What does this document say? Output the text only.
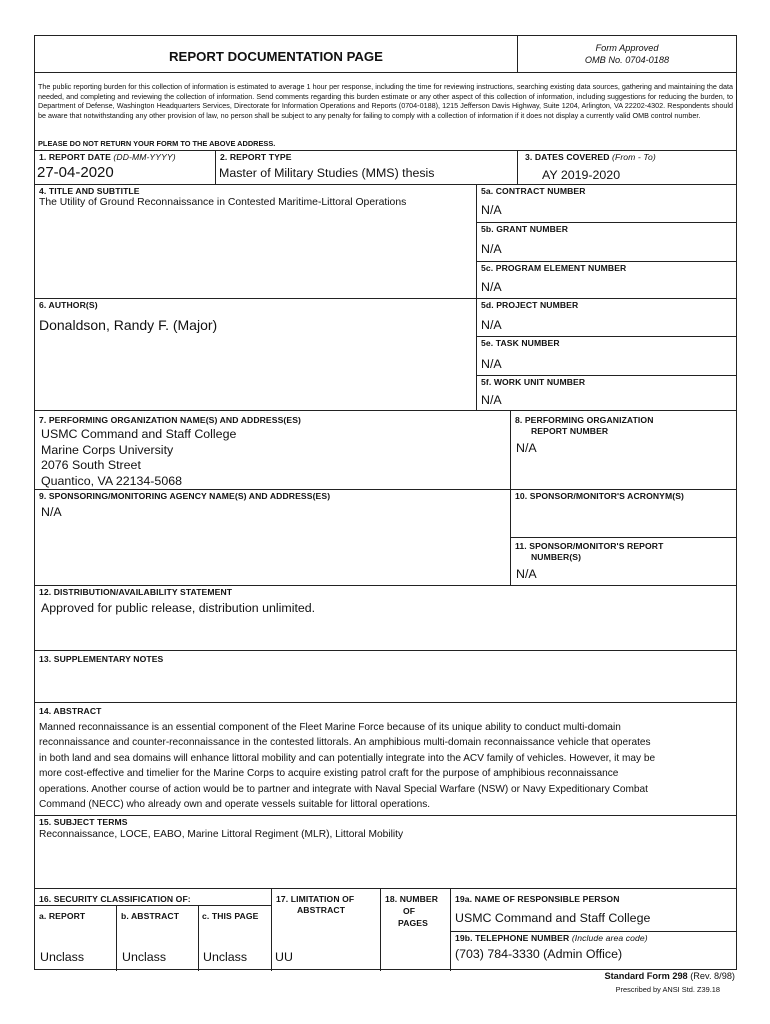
REPORT DOCUMENTATION PAGE
Form Approved
OMB No. 0704-0188
The public reporting burden for this collection of information is estimated to average 1 hour per response, including the time for reviewing instructions, searching existing data sources, gathering and maintaining the data needed, and completing and reviewing the collection of information. Send comments regarding this burden estimate or any other aspect of this collection of information, including suggestions for reducing the burden, to Department of Defense, Washington Headquarters Services, Directorate for Information Operations and Reports (0704-0188), 1215 Jefferson Davis Highway, Suite 1204, Arlington, VA 22202-4302. Respondents should be aware that notwithstanding any other provision of law, no person shall be subject to any penalty for failing to comply with a collection of information if it does not display a currently valid OMB control number.
PLEASE DO NOT RETURN YOUR FORM TO THE ABOVE ADDRESS.
1. REPORT DATE (DD-MM-YYYY)
27-04-2020
2. REPORT TYPE
Master of Military Studies (MMS) thesis
3. DATES COVERED (From - To)
AY 2019-2020
4. TITLE AND SUBTITLE
The Utility of Ground Reconnaissance in Contested Maritime-Littoral Operations
5a. CONTRACT NUMBER
N/A
5b. GRANT NUMBER
N/A
5c. PROGRAM ELEMENT NUMBER
N/A
6. AUTHOR(S)
Donaldson, Randy F. (Major)
5d. PROJECT NUMBER
N/A
5e. TASK NUMBER
N/A
5f. WORK UNIT NUMBER
N/A
7. PERFORMING ORGANIZATION NAME(S) AND ADDRESS(ES)
USMC Command and Staff College
Marine Corps University
2076 South Street
Quantico, VA 22134-5068
8. PERFORMING ORGANIZATION
REPORT NUMBER
N/A
9. SPONSORING/MONITORING AGENCY NAME(S) AND ADDRESS(ES)
N/A
10. SPONSOR/MONITOR'S ACRONYM(S)
11. SPONSOR/MONITOR'S REPORT
NUMBER(S)
N/A
12. DISTRIBUTION/AVAILABILITY STATEMENT
Approved for public release, distribution unlimited.
13. SUPPLEMENTARY NOTES
14. ABSTRACT
Manned reconnaissance is an essential component of the Fleet Marine Force because of its unique ability to conduct multi-domain
reconnaissance and counter-reconnaissance in the contested littorals. An amphibious multi-domain reconnaissance vehicle that operates
in both land and sea domains will enhance littoral mobility and can potentially integrate into the ACV family of vehicles. However, it may be
more cost-effective and timelier for the Marine Corps to acquire existing patrol craft for the purpose of amphibious reconnaissance
operations. Another course of action would be to partner and integrate with Naval Special Warfare (NSW) or Navy Expeditionary Combat
Command (NECC) who already own and operate vessels suitable for littoral operations.
15. SUBJECT TERMS
Reconnaissance, LOCE, EABO, Marine Littoral Regiment (MLR), Littoral Mobility
16. SECURITY CLASSIFICATION OF:
a. REPORT	b. ABSTRACT	c. THIS PAGE
Unclass	Unclass	Unclass
17. LIMITATION OF
ABSTRACT
UU
18. NUMBER
OF
PAGES
19a. NAME OF RESPONSIBLE PERSON
USMC Command and Staff College
19b. TELEPHONE NUMBER (Include area code)
(703) 784-3330 (Admin Office)
Standard Form 298 (Rev. 8/98)
Prescribed by ANSI Std. Z39.18
